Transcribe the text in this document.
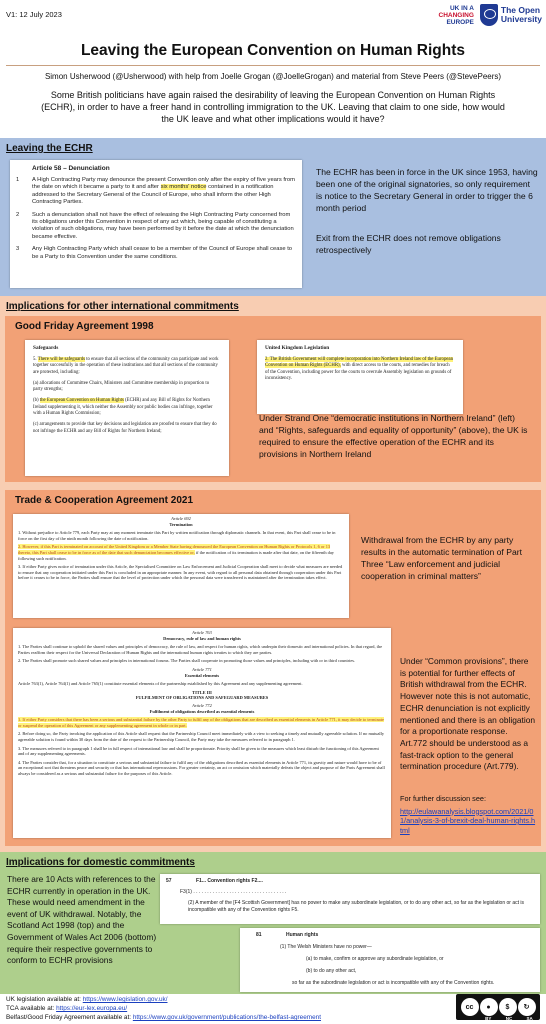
V1: 12 July 2023
UK IN A
CHANGING
EUROPE
The Open
University
Leaving the European Convention on Human Rights
Simon Usherwood (@Usherwood) with help from Joelle Grogan (@JoelleGrogan) and material from Steve Peers (@StevePeers)
Some British politicians have again raised the desirability of leaving the European Convention on Human Rights (ECHR), in order to have a freer hand in controlling immigration to the UK. Leaving that claim to one side, how would the UK leave and what other implications would it have?
Leaving the ECHR
Article 58 – Denunciation
1	A High Contracting Party may denounce the present Convention only after the expiry of five years from the date on which it became a party to it and after six months' notice contained in a notification addressed to the Secretary General of the Council of Europe, who shall inform the other High Contracting Parties.
2	Such a denunciation shall not have the effect of releasing the High Contracting Party concerned from its obligations under this Convention in respect of any act which, being capable of constituting a violation of such obligations, may have been performed by it before the date at which the denunciation became effective.
3	Any High Contracting Party which shall cease to be a member of the Council of Europe shall cease to be a Party to this Convention under the same conditions.
The ECHR has been in force in the UK since 1953, having been one of the original signatories, so only requirement is notice to the Secretary General in order to trigger the 6 month period
Exit from the ECHR does not remove obligations retrospectively
Implications for other international commitments
Good Friday Agreement 1998
Safeguards
5. There will be safeguards to ensure that all sections of the community can participate and work together successfully in the operation of these institutions and that all sections of the community are protected, including:
(a) allocations of Committee Chairs, Ministers and Committee membership in proportion to party strengths;
(b) the European Convention on Human Rights (ECHR) and any Bill of Rights for Northern Ireland supplementing it, which neither the Assembly nor public bodies can infringe, together with a Human Rights Commission;
(c) arrangements to provide that key decisions and legislation are proofed to ensure that they do not infringe the ECHR and any Bill of Rights for Northern Ireland;
United Kingdom Legislation
2. The British Government will complete incorporation into Northern Ireland law of the European Convention on Human Rights (ECHR), with direct access to the courts, and remedies for breach of the Convention, including power for the courts to overrule Assembly legislation on grounds of inconsistency.
Under Strand One “democratic institutions in Northern Ireland” (left) and “Rights, safeguards and equality of opportunity” (above), the UK is required to ensure the effective operation of the ECHR and its provisions in Northern Ireland
Trade & Cooperation Agreement 2021
Article 692
Termination
1. Without prejudice to Article 779, each Party may at any moment terminate this Part by written notification through diplomatic channels. In that event, this Part shall cease to be in force on the first day of the ninth month following the date of notification.
2. However, if this Part is terminated on account of the United Kingdom or a Member State having denounced the European Convention on Human Rights or Protocols 1, 6 or 13 thereto, this Part shall cease to be in force as of the date that such denunciation becomes effective or, if the notification of its termination is made after that date, on the fifteenth day following such notification.
3. If either Party gives notice of termination under this Article, the Specialised Committee on Law Enforcement and Judicial Cooperation shall meet to decide what measures are needed to ensure that any cooperation initiated under this Part is concluded in an appropriate manner. In any event, with regard to all personal data obtained through cooperation under this Part before it ceases to be in force, the Parties shall ensure that the level of protection under which the personal data were transferred is maintained after the termination takes effect.
Withdrawal from the ECHR by any party results in the automatic termination of Part Three “Law enforcement and judicial cooperation in criminal matters”
Article 763
Democracy, rule of law and human rights
1. The Parties shall continue to uphold the shared values and principles of democracy, the rule of law, and respect for human rights, which underpin their domestic and international policies. In that regard, the Parties reaffirm their respect for the Universal Declaration of Human Rights and the international human rights treaties to which they are parties.
2. The Parties shall promote such shared values and principles in international forums. The Parties shall cooperate in promoting those values and principles, including with or in third countries.
Article 771
Essential elements
Article 763(1), Article 764(1) and Article 765(1) constitute essential elements of the partnership established by this Agreement and any supplementing agreement.
TITLE III
FULFILMENT OF OBLIGATIONS AND SAFEGUARD MEASURES
Article 772
Fulfilment of obligations described as essential elements
1. If either Party considers that there has been a serious and substantial failure by the other Party to fulfil any of the obligations that are described as essential elements in Article 771, it may decide to terminate or suspend the operation of this Agreement or any supplementing agreement in whole or in part.
2. Before doing so, the Party invoking the application of this Article shall request that the Partnership Council meet immediately with a view to seeking a timely and mutually agreeable solution. If no mutually agreeable solution is found within 30 days from the date of the request to the Partnership Council, the Party may take the measures referred to in paragraph 1.
3. The measures referred to in paragraph 1 shall be in full respect of international law and shall be proportionate. Priority shall be given to the measures which least disturb the functioning of this Agreement and of any supplementing agreements.
4. The Parties consider that, for a situation to constitute a serious and substantial failure to fulfil any of the obligations described as essential elements in Article 771, its gravity and nature would have to be of an exceptional sort that threatens peace and security or that has international repercussions. For greater certainty, an act or omission which materially defeats the object and purpose of the Paris Agreement shall always be considered as a serious and substantial failure for the purposes of this Article.
Under “Common provisions”, there is potential for further effects of British withdrawal from the ECHR. However note this is not automatic, ECHR denunciation is not explicitly mentioned and there is an obligation for a proportionate response. Art.772 should be understood as a fast-track option to the general termination procedure (Art.779).
For further discussion see:
http://eulawanalysis.blogspot.com/2021/01/analysis-3-of-brexit-deal-human-rights.html
Implications for domestic commitments
There are 10 Acts with references to the ECHR currently in operation in the UK. These would need amendment in the event of UK withdrawal. Notably, the Scotland Act 1998 (top) and the Government of Wales Act 2006 (bottom) require their respective governments to conform to ECHR provisions
57	F1... Convention rights F2....
F3(1) . . . . . . . . . . . . . . . . . . . . . . . . . . . . . . . . . .
(2) A member of the [F4 Scottish Government] has no power to make any subordinate legislation, or to do any other act, so far as the legislation or act is incompatible with any of the Convention rights F5.
81	Human rights
(1) The Welsh Ministers have no power—
(a) to make, confirm or approve any subordinate legislation, or
(b) to do any other act,
so far as the subordinate legislation or act is incompatible with any of the Convention rights.
UK legislation available at: https://www.legislation.gov.uk/
TCA available at: https://eur-lex.europa.eu/
Belfast/Good Friday Agreement available at: https://www.gov.uk/government/publications/the-belfast-agreement
cc	●	$	↻
BY	NC	SA
